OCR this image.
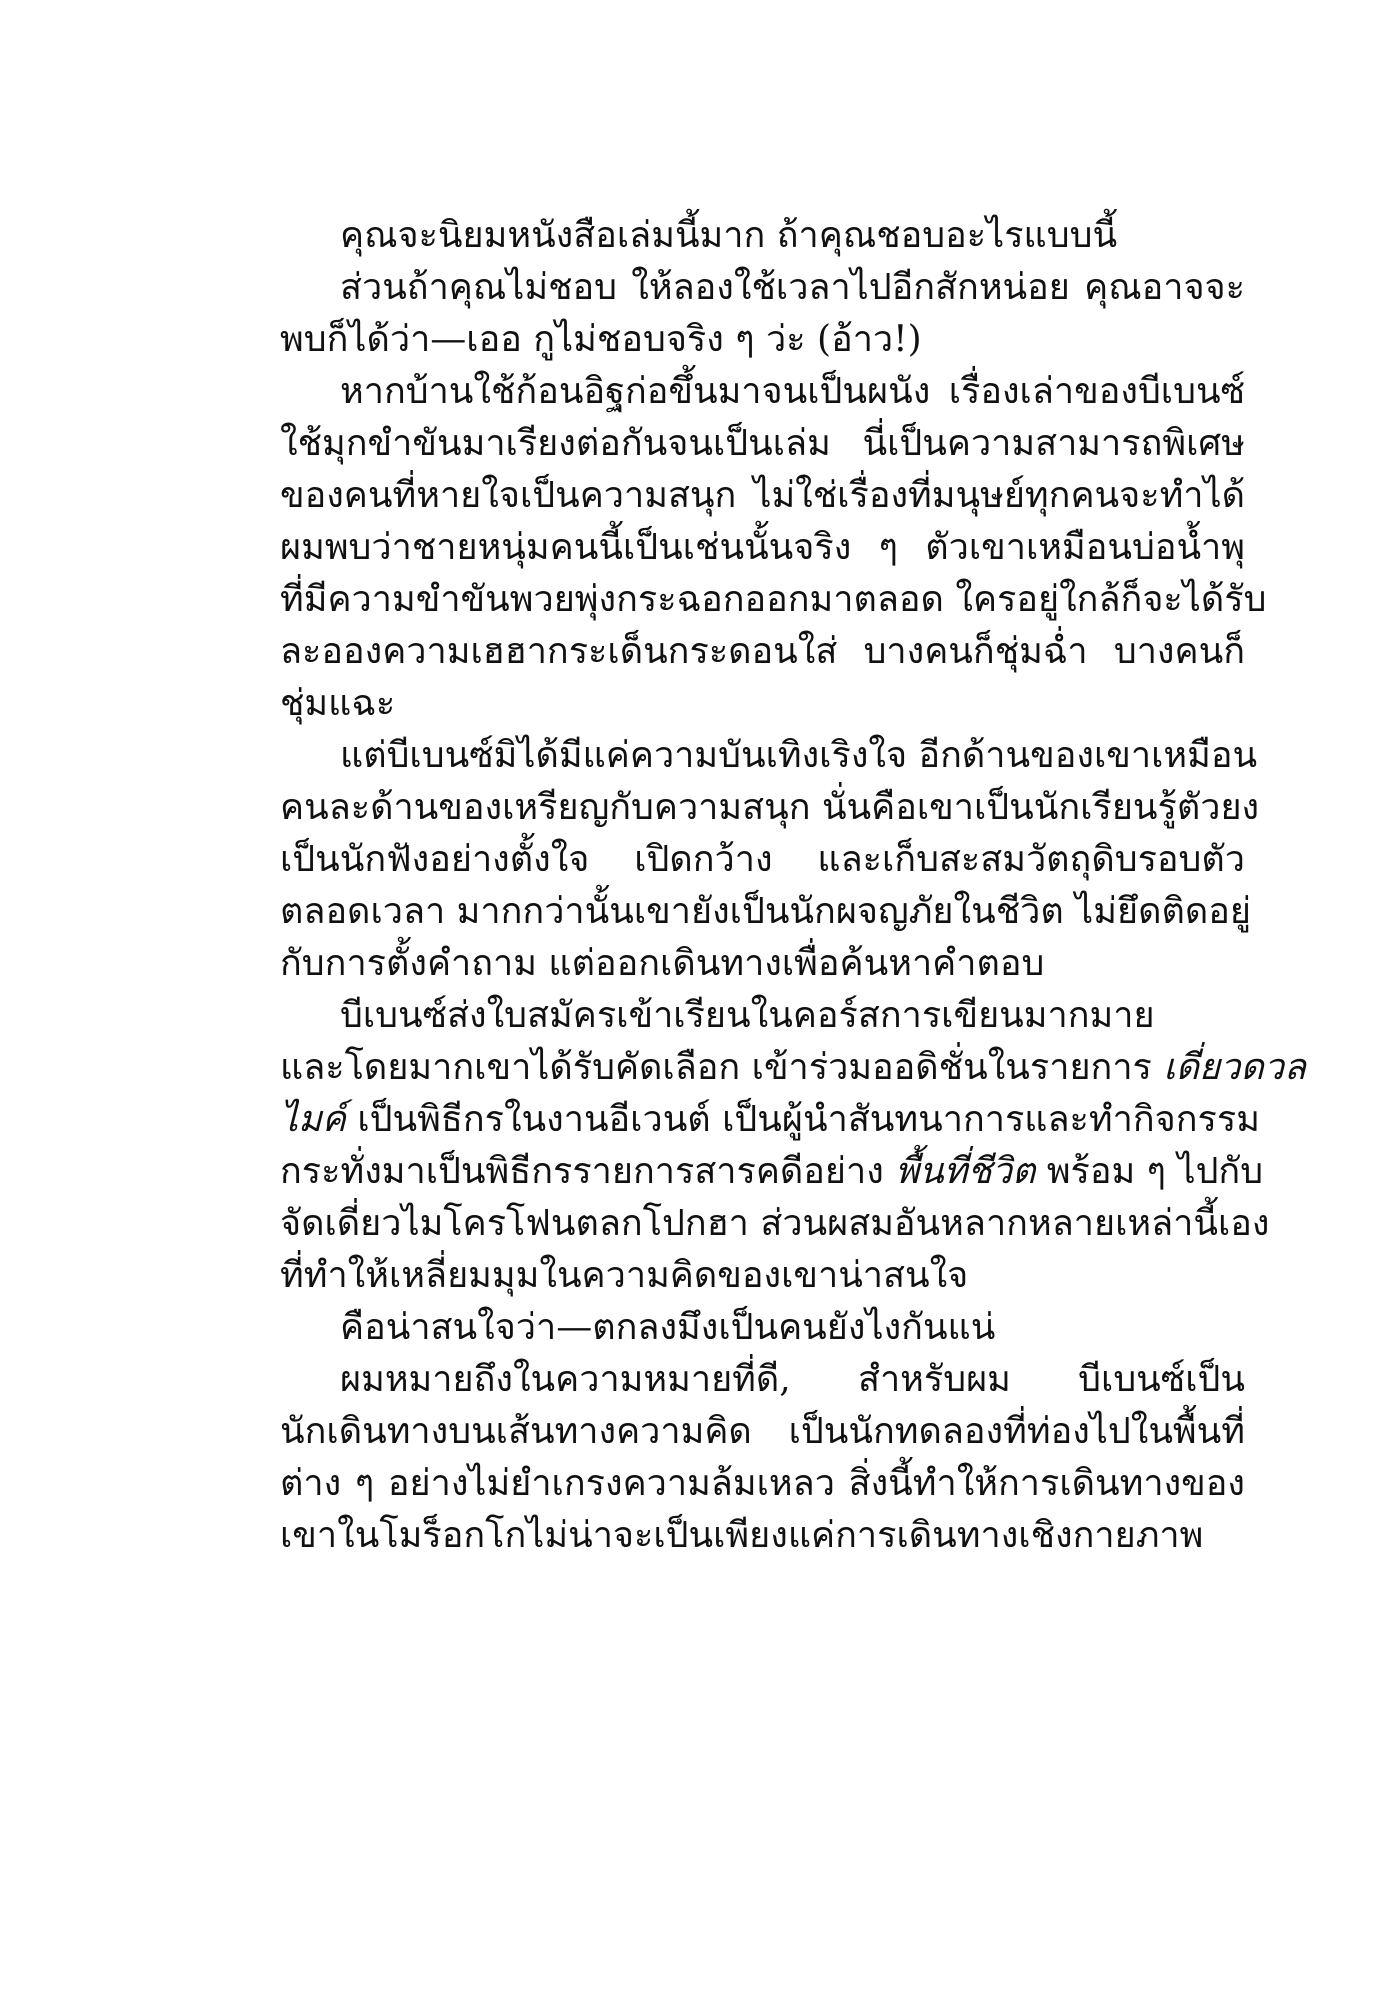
คุณจะนิยมหนังสือเล่มนี้มาก ถ้าคุณชอบอะไรแบบนี้
ส่วนถ้าคุณไม่ชอบ ให้ลองใช้เวลาไปอีกสักหน่อย คุณอาจจะ
พบก็ได้ว่า—เออ กูไม่ชอบจริง ๆ ว่ะ (อ้าว!)
หากบ้านใช้ก้อนอิฐก่อขึ้นมาจนเป็นผนัง เรื่องเล่าของบีเบนซ์
ใช้มุกขำขันมาเรียงต่อกันจนเป็นเล่ม นี่เป็นความสามารถพิเศษ
ของคนที่หายใจเป็นความสนุก ไม่ใช่เรื่องที่มนุษย์ทุกคนจะทำได้
ผมพบว่าชายหนุ่มคนนี้เป็นเช่นนั้นจริง ๆ ตัวเขาเหมือนบ่อน้ำพุ
ที่มีความขำขันพวยพุ่งกระฉอกออกมาตลอด ใครอยู่ใกล้ก็จะได้รับ
ละอองความเฮฮากระเด็นกระดอนใส่ บางคนก็ชุ่มฉ่ำ บางคนก็
ชุ่มแฉะ
แต่บีเบนซ์มิได้มีแค่ความบันเทิงเริงใจ อีกด้านของเขาเหมือน
คนละด้านของเหรียญกับความสนุก นั่นคือเขาเป็นนักเรียนรู้ตัวยง
เป็นนักฟังอย่างตั้งใจ เปิดกว้าง และเก็บสะสมวัตถุดิบรอบตัว
ตลอดเวลา มากกว่านั้นเขายังเป็นนักผจญภัยในชีวิต ไม่ยึดติดอยู่
กับการตั้งคำถาม แต่ออกเดินทางเพื่อค้นหาคำตอบ
บีเบนซ์ส่งใบสมัครเข้าเรียนในคอร์สการเขียนมากมาย
และโดยมากเขาได้รับคัดเลือก เข้าร่วมออดิชั่นในรายการ เดี่ยวดวล
ไมค์ เป็นพิธีกรในงานอีเวนต์ เป็นผู้นำสันทนาการและทำกิจกรรม
กระทั่งมาเป็นพิธีกรรายการสารคดีอย่าง พื้นที่ชีวิต พร้อม ๆ ไปกับ
จัดเดี่ยวไมโครโฟนตลกโปกฮา ส่วนผสมอันหลากหลายเหล่านี้เอง
ที่ทำให้เหลี่ยมมุมในความคิดของเขาน่าสนใจ
คือน่าสนใจว่า—ตกลงมึงเป็นคนยังไงกันแน่
ผมหมายถึงในความหมายที่ดี, สำหรับผม บีเบนซ์เป็น
นักเดินทางบนเส้นทางความคิด เป็นนักทดลองที่ท่องไปในพื้นที่
ต่าง ๆ อย่างไม่ยำเกรงความล้มเหลว สิ่งนี้ทำให้การเดินทางของ
เขาในโมร็อกโกไม่น่าจะเป็นเพียงแค่การเดินทางเชิงกายภาพ
